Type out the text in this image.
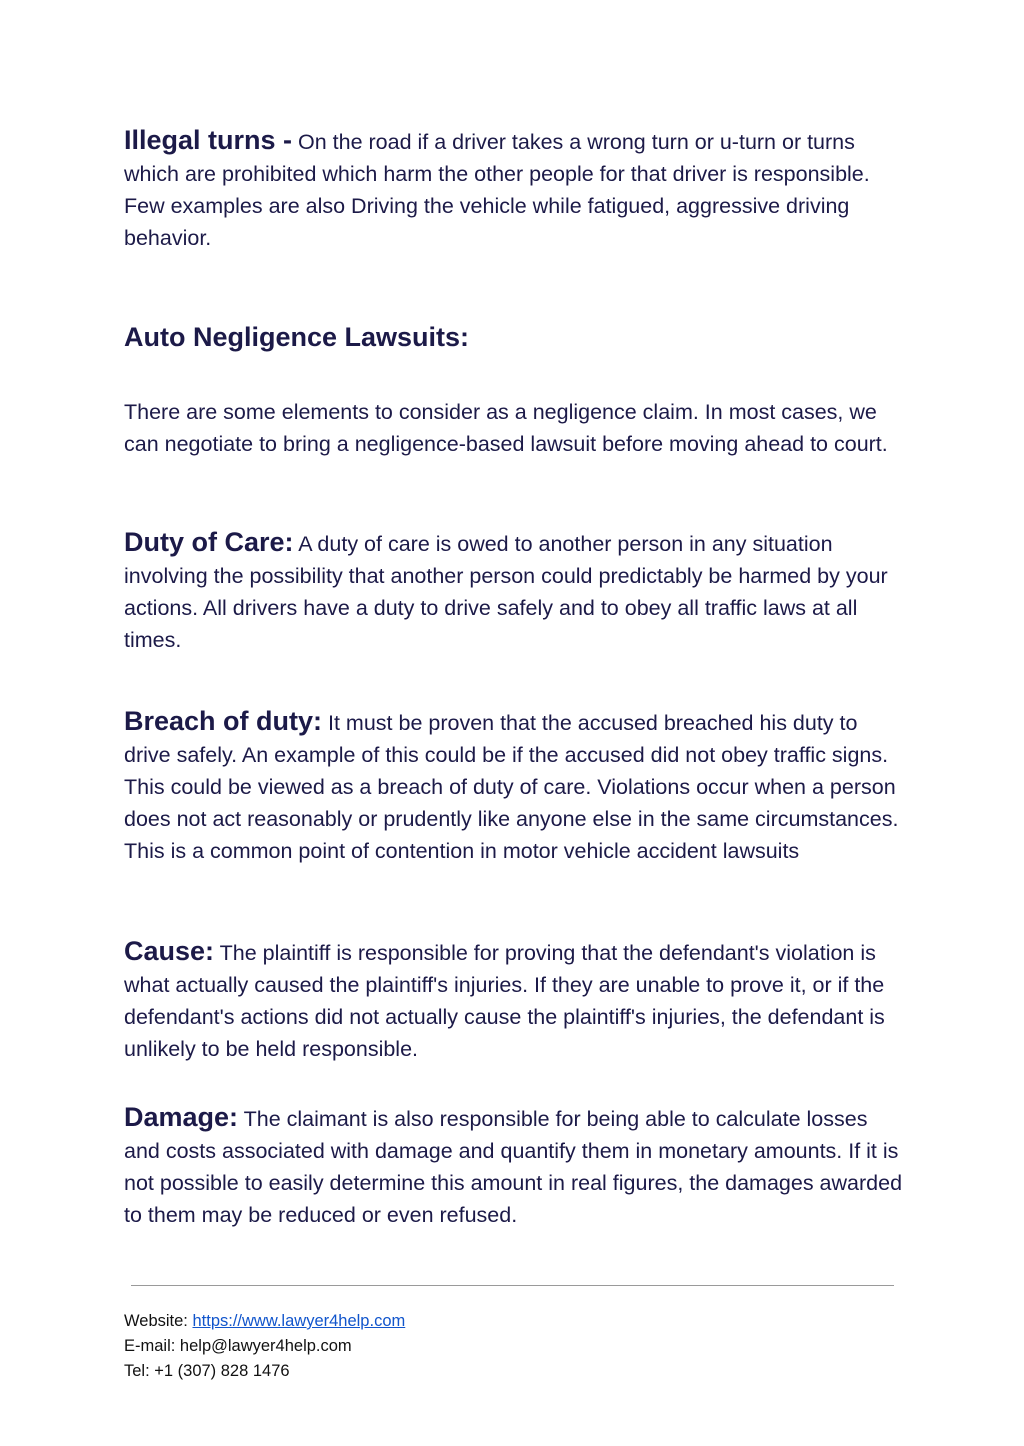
Illegal turns - On the road if a driver takes a wrong turn or u-turn or turns which are prohibited which harm the other people for that driver is responsible.
Few examples are also Driving the vehicle while fatigued, aggressive driving behavior.
Auto Negligence Lawsuits:
There are some elements to consider as a negligence claim. In most cases, we can negotiate to bring a negligence-based lawsuit before moving ahead to court.
Duty of Care: A duty of care is owed to another person in any situation involving the possibility that another person could predictably be harmed by your actions. All drivers have a duty to drive safely and to obey all traffic laws at all times.
Breach of duty: It must be proven that the accused breached his duty to drive safely. An example of this could be if the accused did not obey traffic signs. This could be viewed as a breach of duty of care. Violations occur when a person does not act reasonably or prudently like anyone else in the same circumstances. This is a common point of contention in motor vehicle accident lawsuits
Cause: The plaintiff is responsible for proving that the defendant's violation is what actually caused the plaintiff's injuries. If they are unable to prove it, or if the defendant's actions did not actually cause the plaintiff's injuries, the defendant is unlikely to be held responsible.
Damage: The claimant is also responsible for being able to calculate losses and costs associated with damage and quantify them in monetary amounts. If it is not possible to easily determine this amount in real figures, the damages awarded to them may be reduced or even refused.
Website: https://www.lawyer4help.com
E-mail: help@lawyer4help.com
Tel: +1 (307) 828 1476
